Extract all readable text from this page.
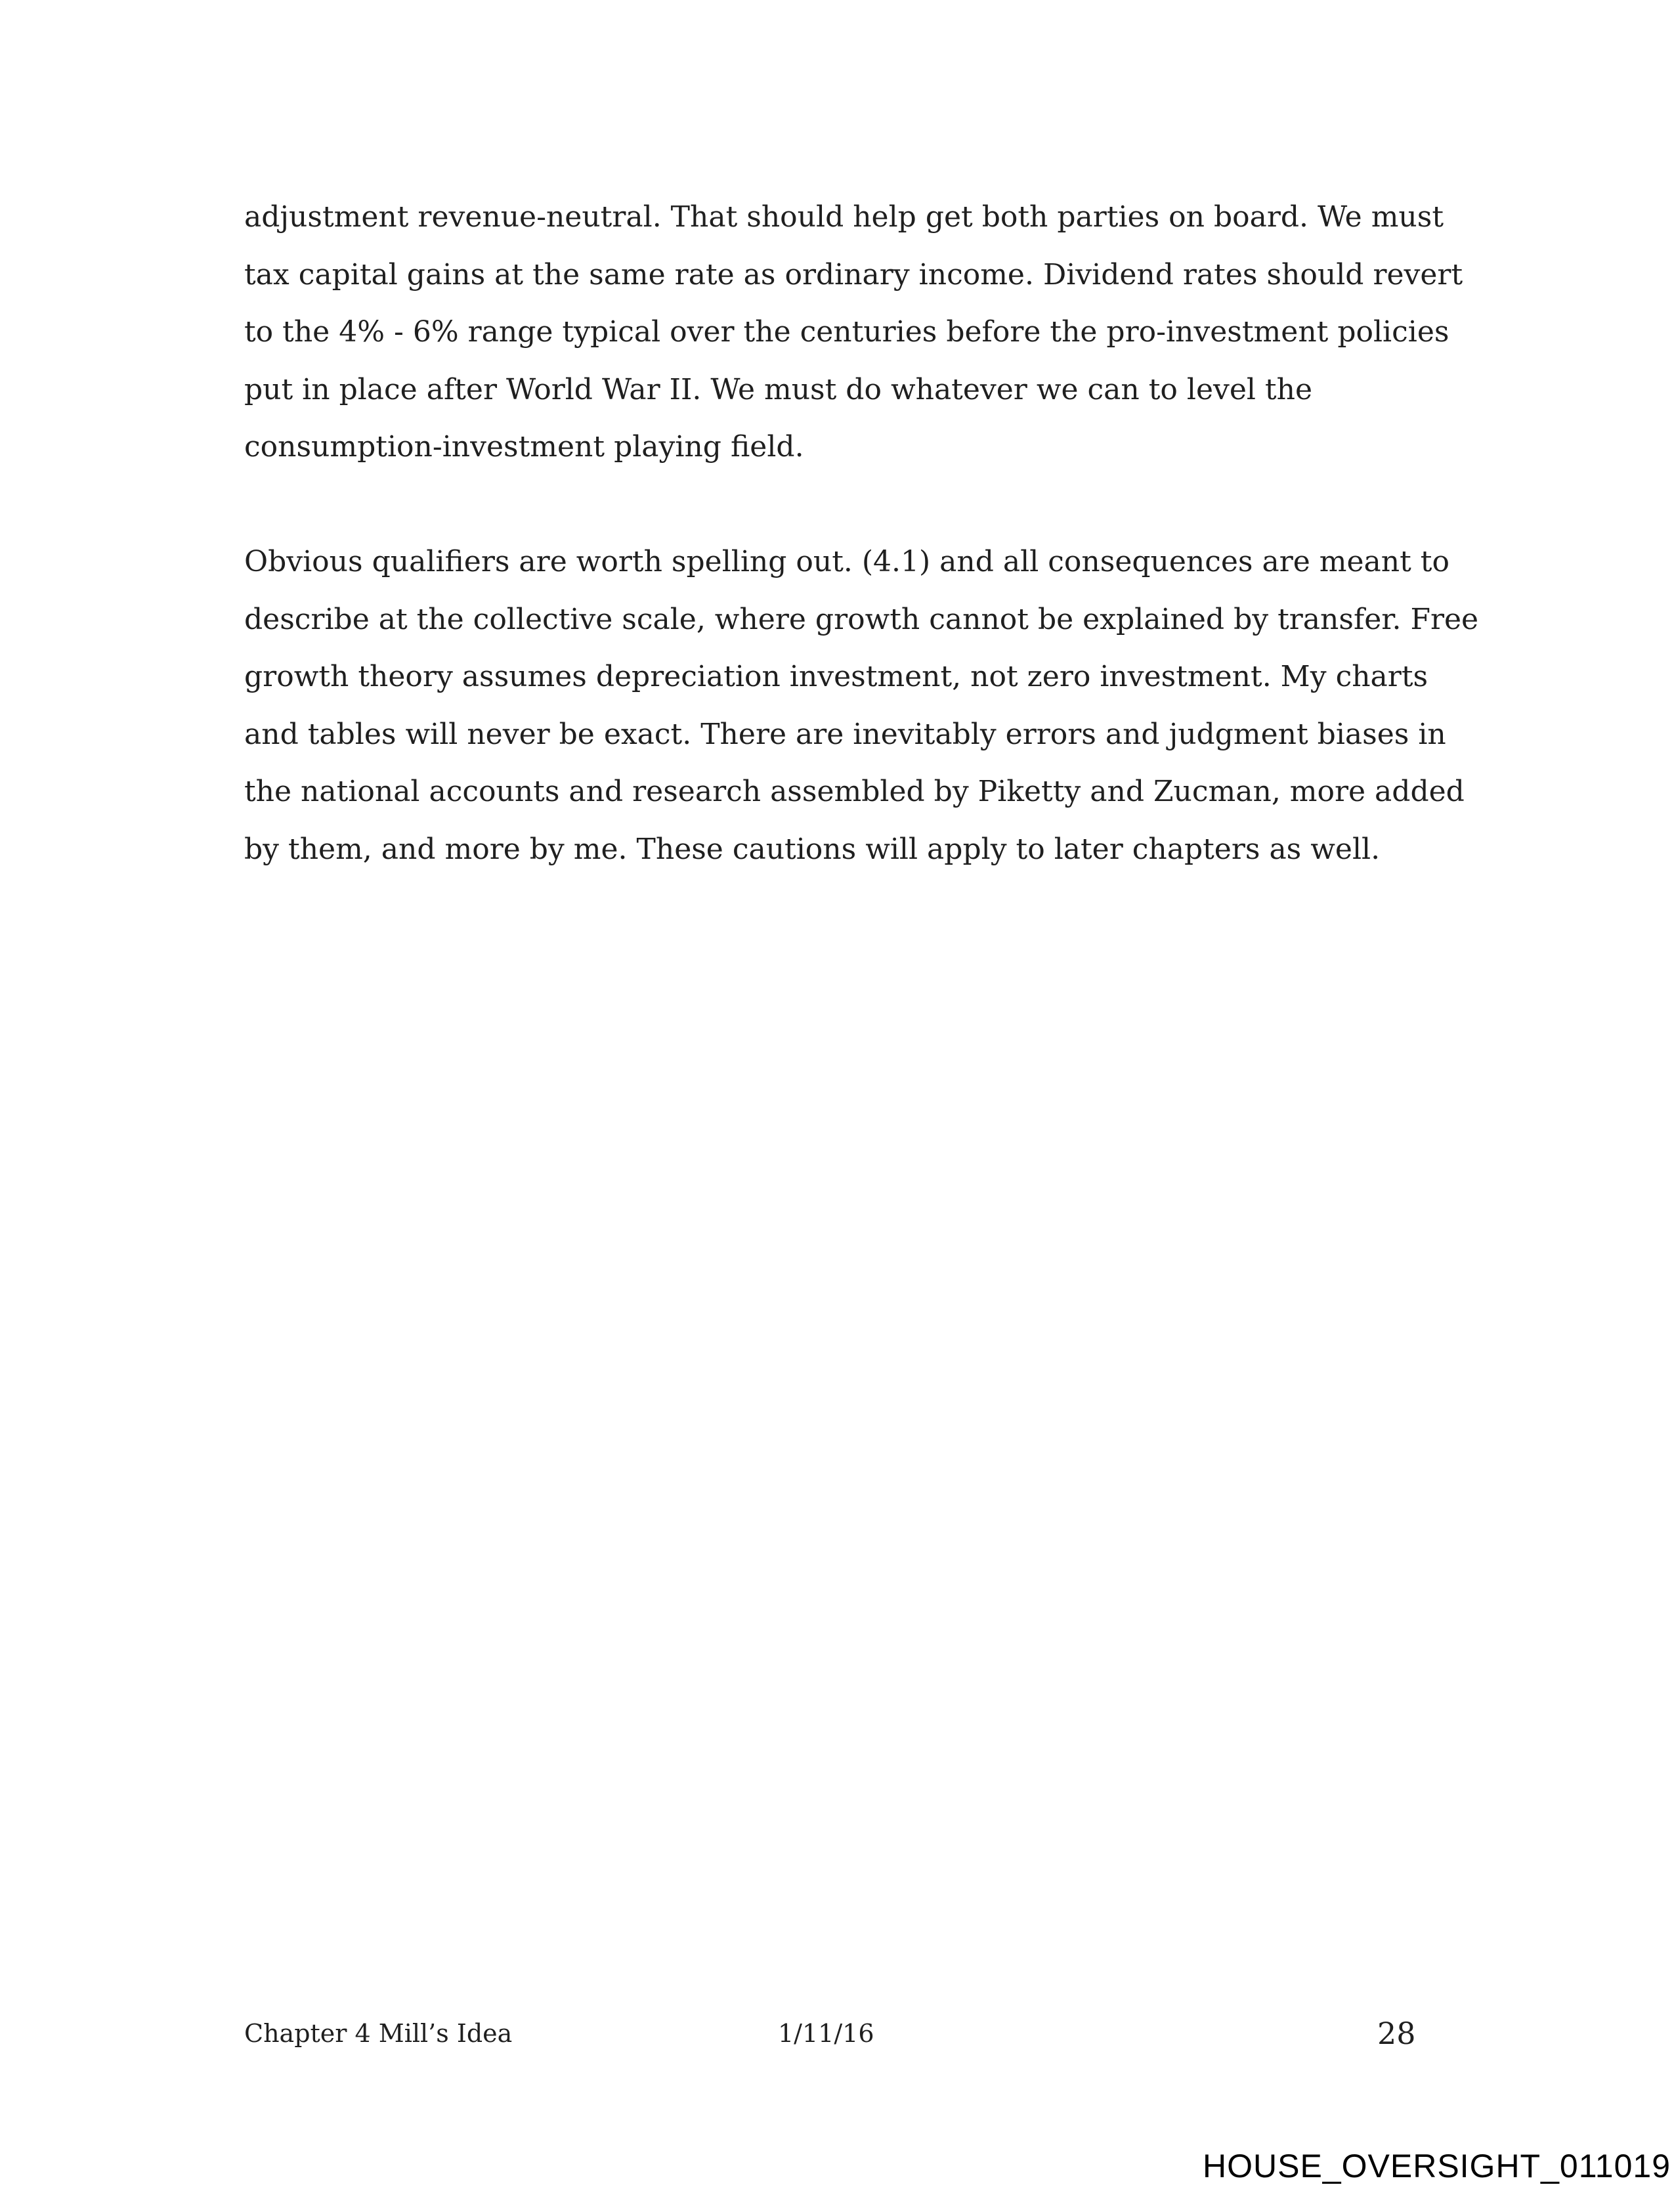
adjustment revenue-neutral. That should help get both parties on board. We must
tax capital gains at the same rate as ordinary income. Dividend rates should revert
to the 4% - 6% range typical over the centuries before the pro-investment policies
put in place after World War II. We must do whatever we can to level the
consumption-investment playing field.

Obvious qualifiers are worth spelling out. (4.1) and all consequences are meant to
describe at the collective scale, where growth cannot be explained by transfer. Free
growth theory assumes depreciation investment, not zero investment. My charts
and tables will never be exact. There are inevitably errors and judgment biases in
the national accounts and research assembled by Piketty and Zucman, more added
by them, and more by me. These cautions will apply to later chapters as well.

Chapter 4 Mill’s Idea	1/11/16	28
HOUSE_OVERSIGHT_011019
